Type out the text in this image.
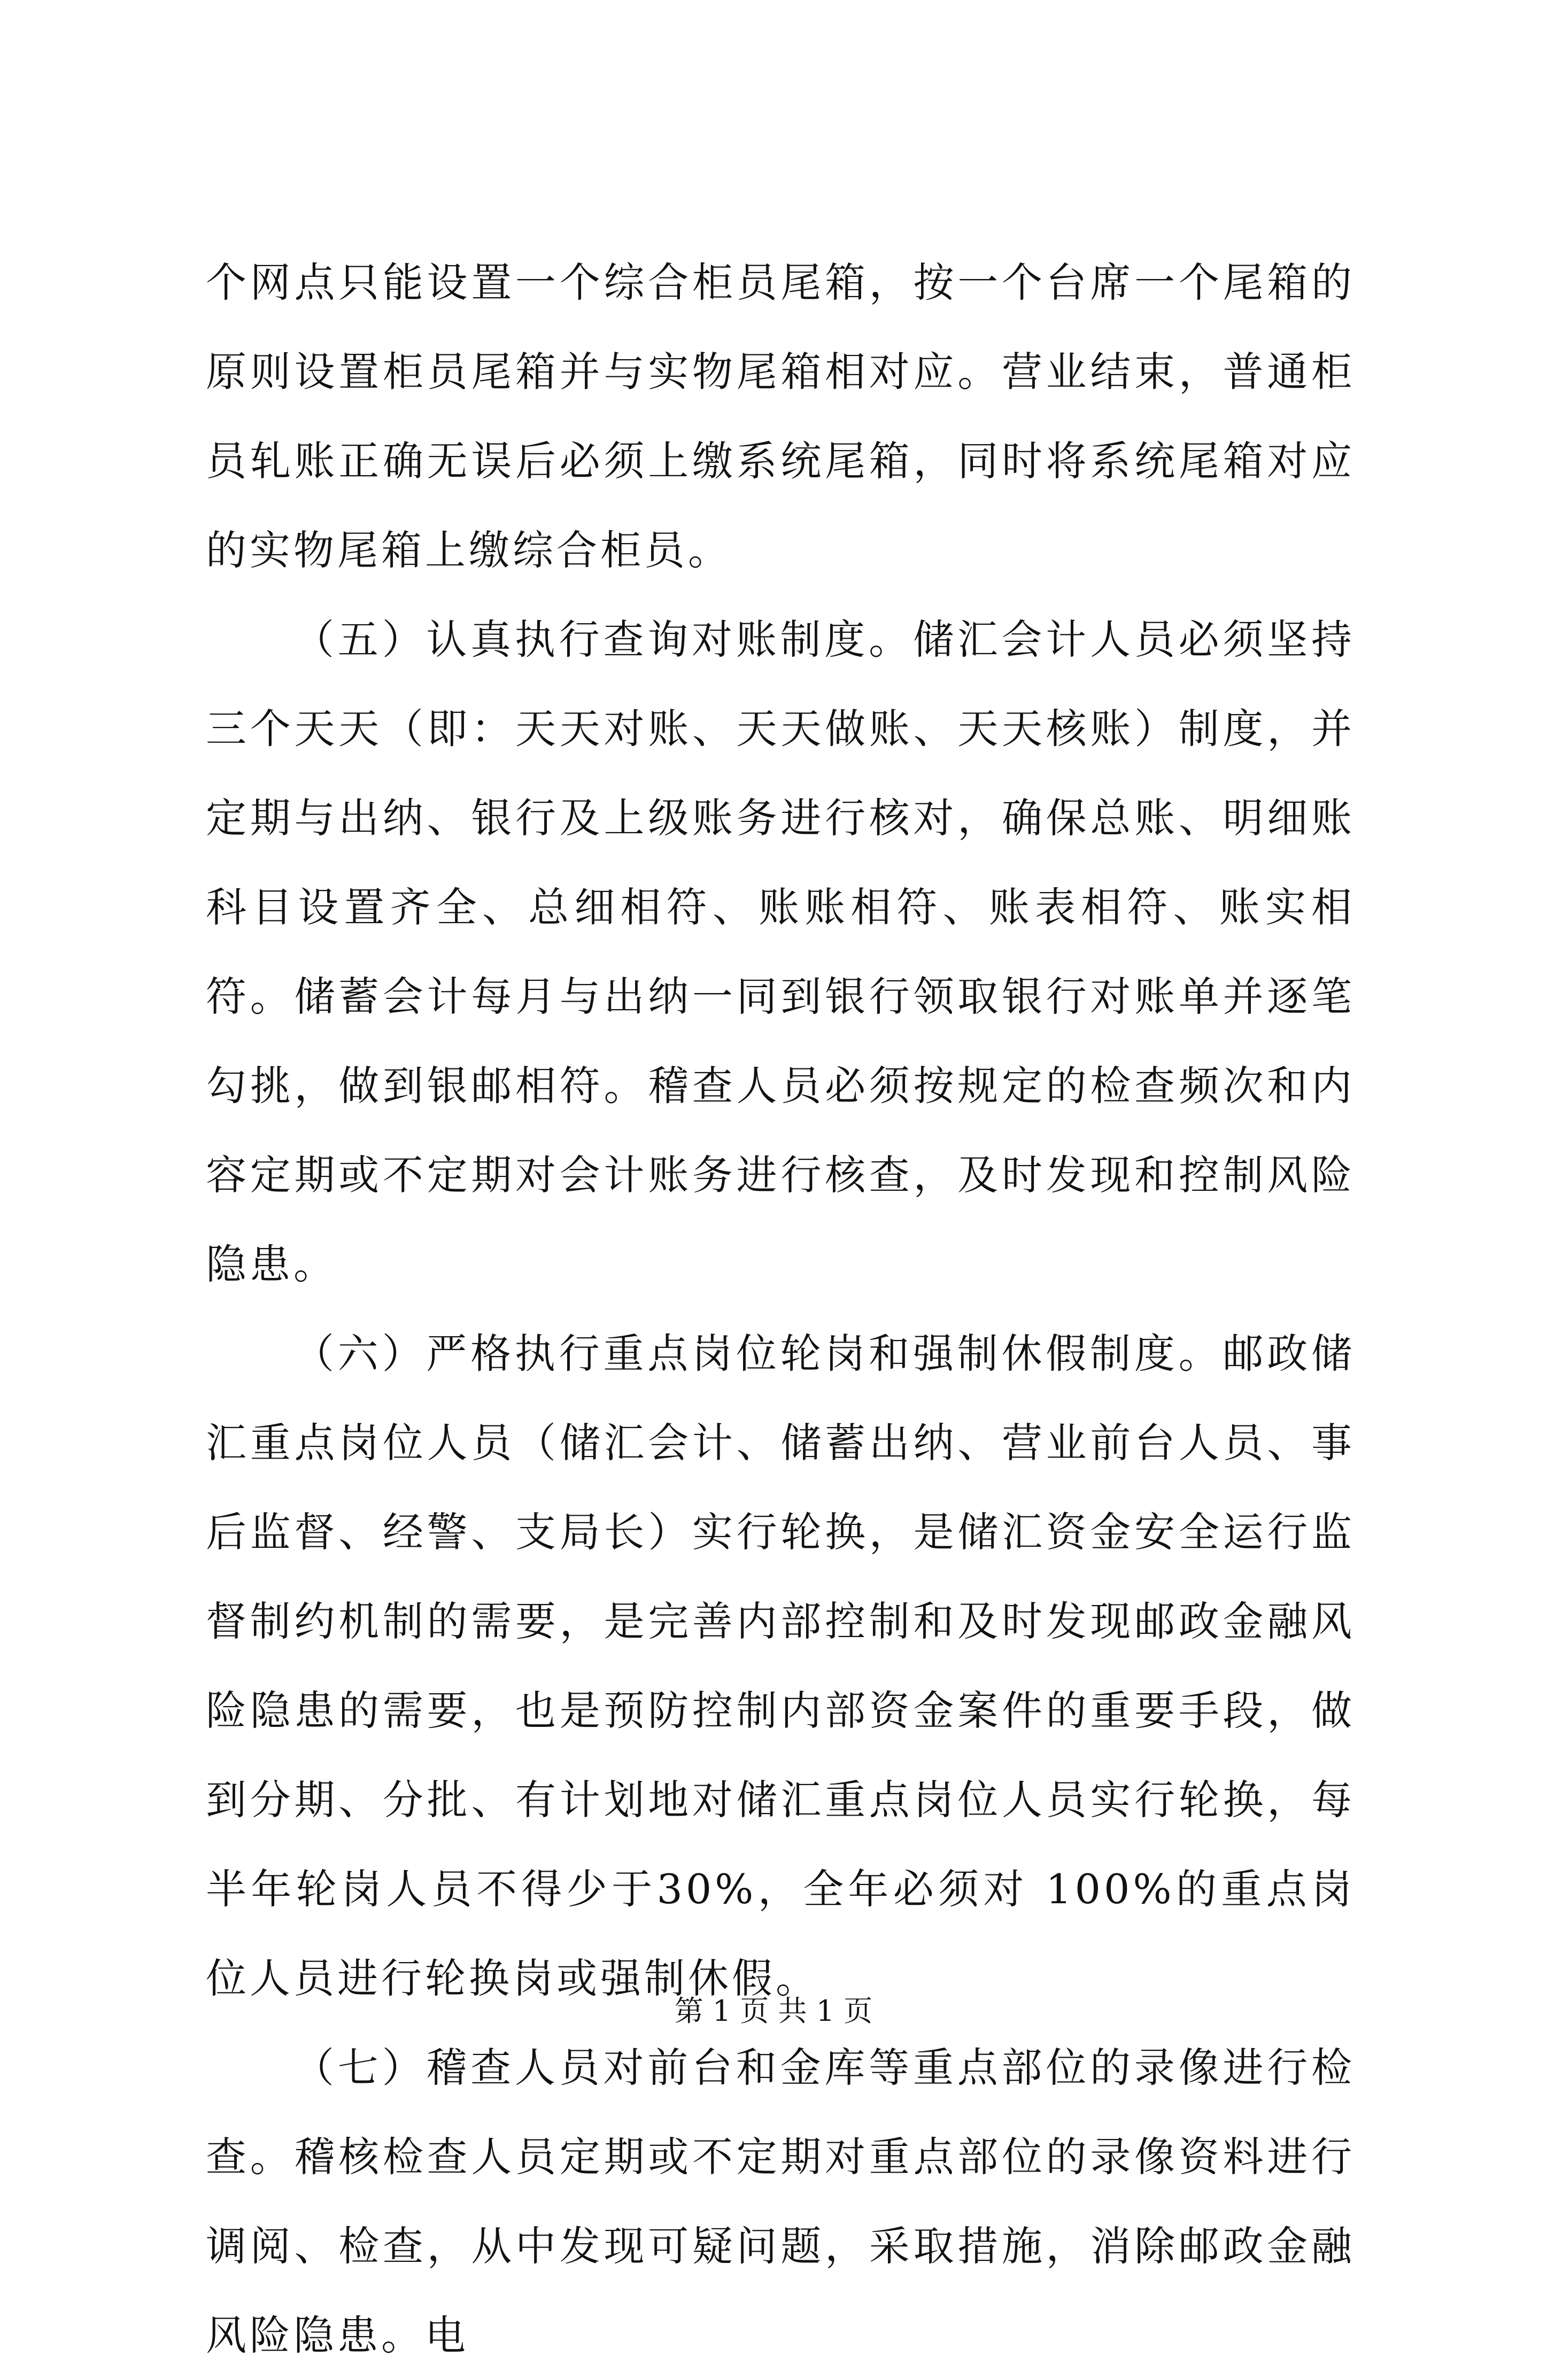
个网点只能设置一个综合柜员尾箱，按一个台席一个尾箱的原则设置柜员尾箱并与实物尾箱相对应。营业结束，普通柜员轧账正确无误后必须上缴系统尾箱，同时将系统尾箱对应的实物尾箱上缴综合柜员。

（五）认真执行查询对账制度。储汇会计人员必须坚持三个天天（即：天天对账、天天做账、天天核账）制度，并定期与出纳、银行及上级账务进行核对，确保总账、明细账科目设置齐全、总细相符、账账相符、账表相符、账实相符。储蓄会计每月与出纳一同到银行领取银行对账单并逐笔勾挑，做到银邮相符。稽查人员必须按规定的检查频次和内容定期或不定期对会计账务进行核查，及时发现和控制风险隐患。

（六）严格执行重点岗位轮岗和强制休假制度。邮政储汇重点岗位人员（储汇会计、储蓄出纳、营业前台人员、事后监督、经警、支局长）实行轮换，是储汇资金安全运行监督制约机制的需要，是完善内部控制和及时发现邮政金融风险隐患的需要，也是预防控制内部资金案件的重要手段，做到分期、分批、有计划地对储汇重点岗位人员实行轮换，每半年轮岗人员不得少于30%，全年必须对 100%的重点岗位人员进行轮换岗或强制休假。

（七）稽查人员对前台和金库等重点部位的录像进行检查。稽核检查人员定期或不定期对重点部位的录像资料进行调阅、检查，从中发现可疑问题，采取措施，消除邮政金融风险隐患。电

第 1 页 共 1 页
